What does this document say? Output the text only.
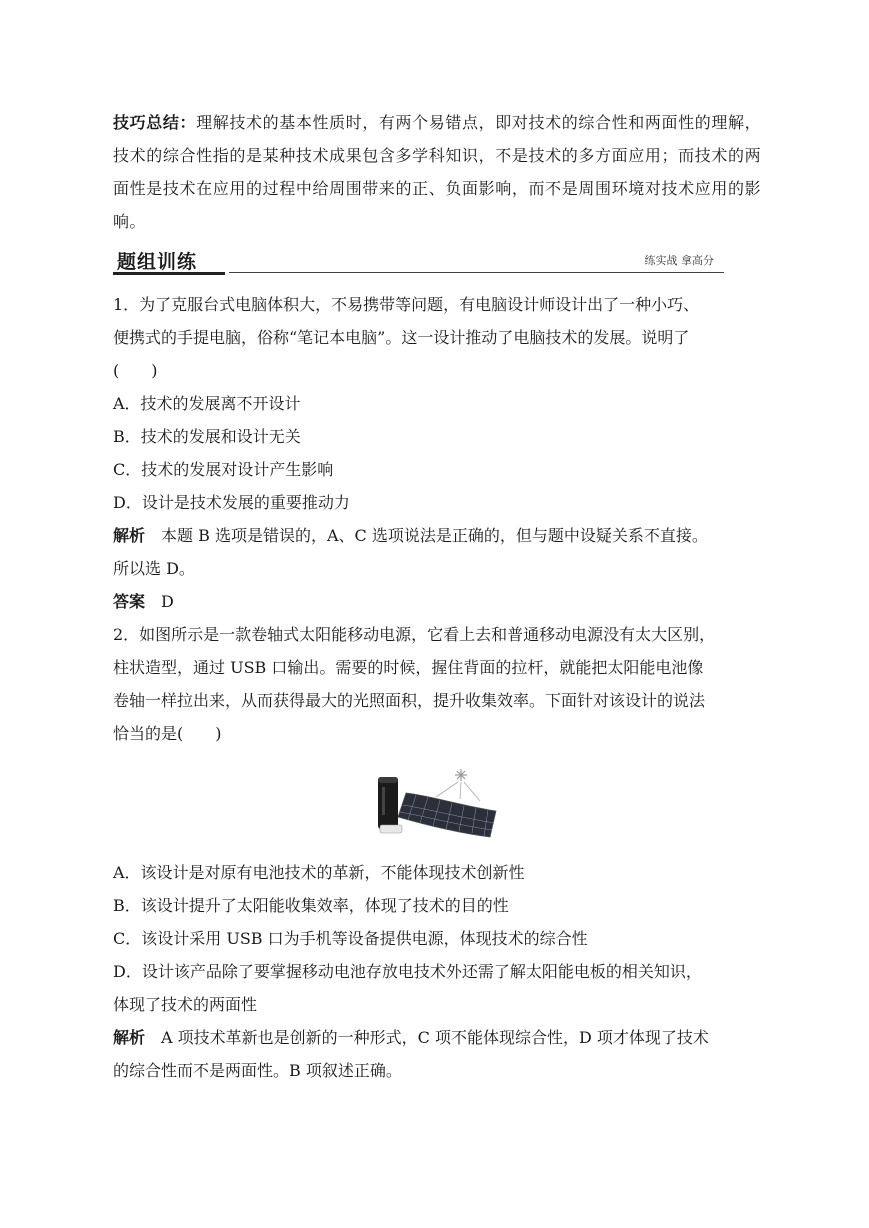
技巧总结：理解技术的基本性质时，有两个易错点，即对技术的综合性和两面性的理解，技术的综合性指的是某种技术成果包含多学科知识，不是技术的多方面应用；而技术的两面性是技术在应用的过程中给周围带来的正、负面影响，而不是周围环境对技术应用的影响。
题组训练	练实战 拿高分
1．为了克服台式电脑体积大，不易携带等问题，有电脑设计师设计出了一种小巧、
便携式的手提电脑，俗称“笔记本电脑”。这一设计推动了电脑技术的发展。说明了
(　　)
A．技术的发展离不开设计
B．技术的发展和设计无关
C．技术的发展对设计产生影响
D．设计是技术发展的重要推动力
解析　本题 B 选项是错误的，A、C 选项说法是正确的，但与题中设疑关系不直接。
所以选 D。
答案　D
2．如图所示是一款卷轴式太阳能移动电源，它看上去和普通移动电源没有太大区别，
柱状造型，通过 USB 口输出。需要的时候，握住背面的拉杆，就能把太阳能电池像
卷轴一样拉出来，从而获得最大的光照面积，提升收集效率。下面针对该设计的说法
恰当的是(　　)
A．该设计是对原有电池技术的革新，不能体现技术创新性
B．该设计提升了太阳能收集效率，体现了技术的目的性
C．该设计采用 USB 口为手机等设备提供电源，体现技术的综合性
D．设计该产品除了要掌握移动电池存放电技术外还需了解太阳能电板的相关知识，
体现了技术的两面性
解析　A 项技术革新也是创新的一种形式，C 项不能体现综合性，D 项才体现了技术
的综合性而不是两面性。B 项叙述正确。
